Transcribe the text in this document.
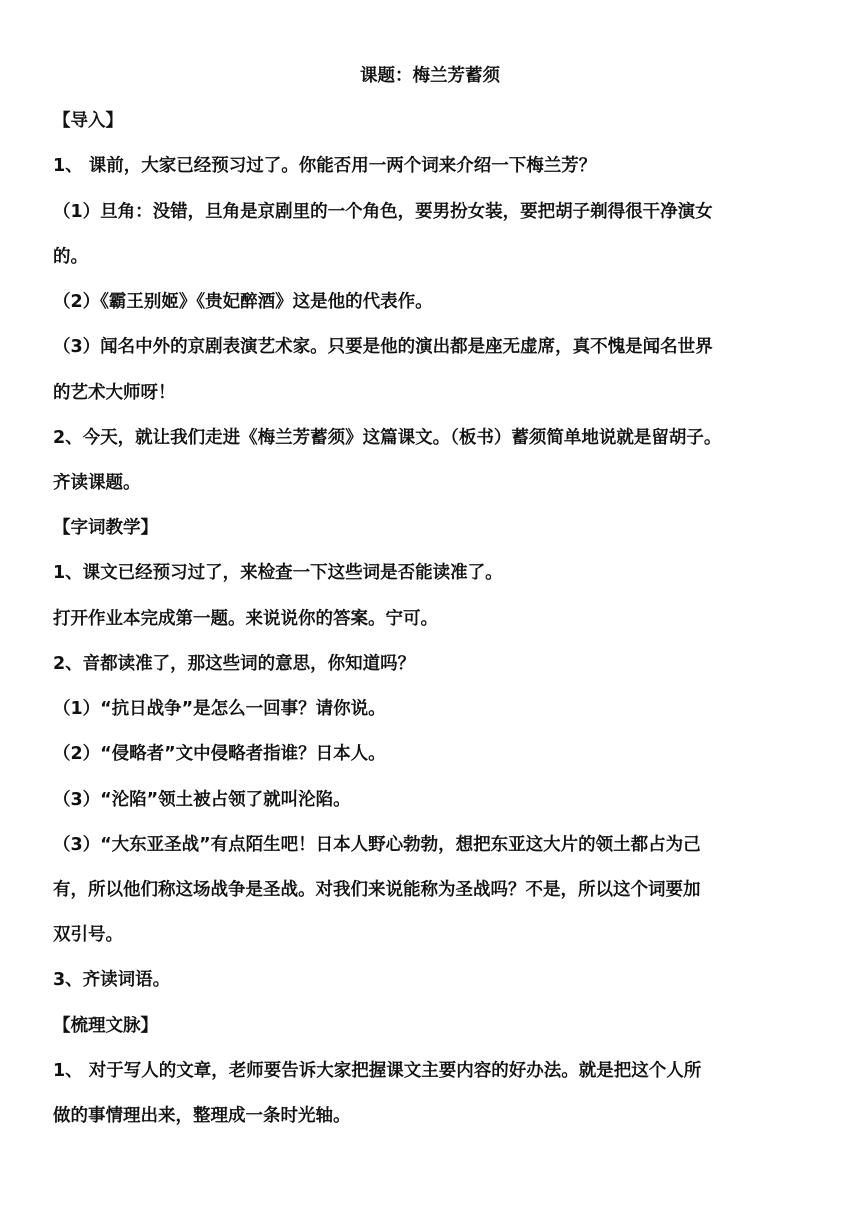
课题：梅兰芳蓄须
【导入】
1、 课前，大家已经预习过了。你能否用一两个词来介绍一下梅兰芳？
（1）旦角：没错，旦角是京剧里的一个角色，要男扮女装，要把胡子剃得很干净演女
的。
（2）《霸王别姬》《贵妃醉酒》这是他的代表作。
（3）闻名中外的京剧表演艺术家。只要是他的演出都是座无虚席，真不愧是闻名世界
的艺术大师呀！
2、今天，就让我们走进《梅兰芳蓄须》这篇课文。（板书）蓄须简单地说就是留胡子。
齐读课题。
【字词教学】
1、课文已经预习过了，来检查一下这些词是否能读准了。
打开作业本完成第一题。来说说你的答案。宁可。
2、音都读准了，那这些词的意思，你知道吗？
（1）“抗日战争”是怎么一回事？请你说。
（2）“侵略者”文中侵略者指谁？日本人。
（3）“沦陷”领土被占领了就叫沦陷。
（3）“大东亚圣战”有点陌生吧！日本人野心勃勃，想把东亚这大片的领土都占为己
有，所以他们称这场战争是圣战。对我们来说能称为圣战吗？不是，所以这个词要加
双引号。
3、齐读词语。
【梳理文脉】
1、 对于写人的文章，老师要告诉大家把握课文主要内容的好办法。就是把这个人所
做的事情理出来，整理成一条时光轴。
